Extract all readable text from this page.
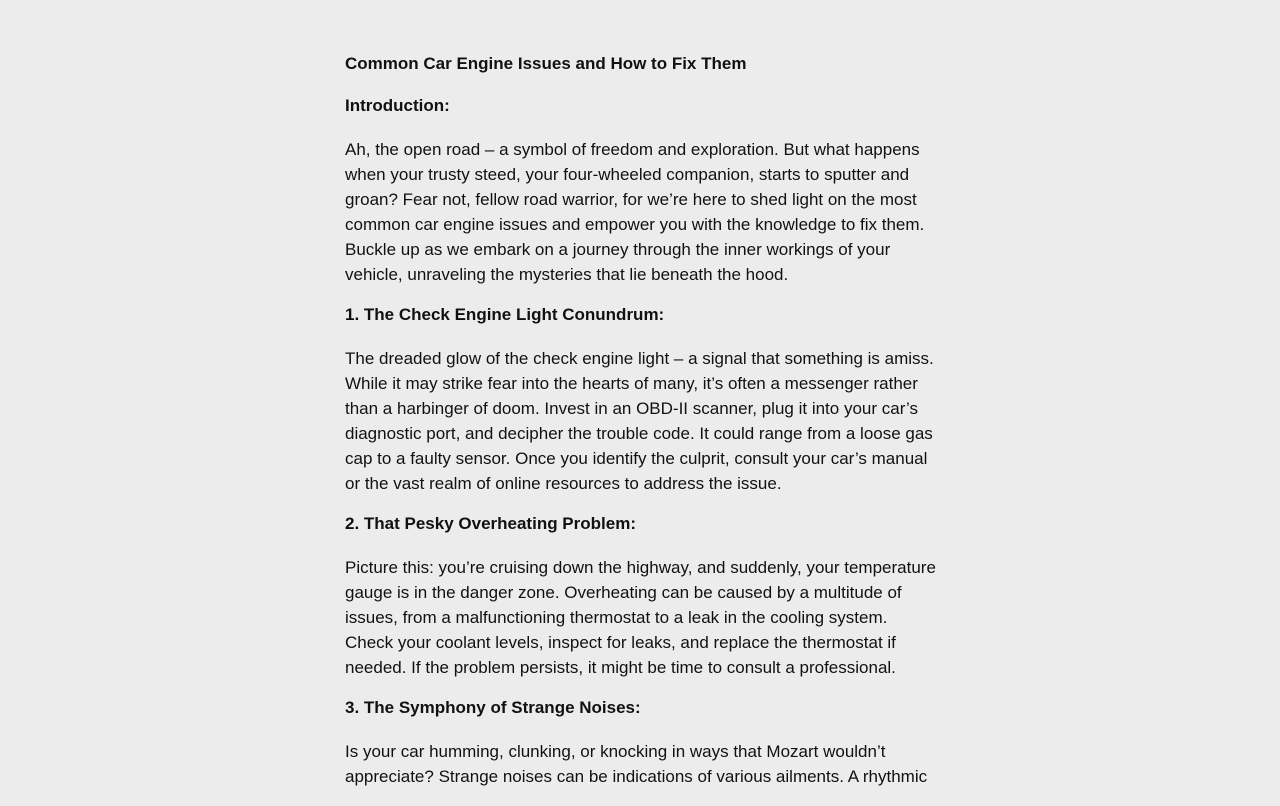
Common Car Engine Issues and How to Fix Them
Introduction:

Ah, the open road – a symbol of freedom and exploration. But what happens when your trusty steed, your four-wheeled companion, starts to sputter and groan? Fear not, fellow road warrior, for we’re here to shed light on the most common car engine issues and empower you with the knowledge to fix them. Buckle up as we embark on a journey through the inner workings of your vehicle, unraveling the mysteries that lie beneath the hood.

1. The Check Engine Light Conundrum:

The dreaded glow of the check engine light – a signal that something is amiss. While it may strike fear into the hearts of many, it’s often a messenger rather than a harbinger of doom. Invest in an OBD-II scanner, plug it into your car’s diagnostic port, and decipher the trouble code. It could range from a loose gas cap to a faulty sensor. Once you identify the culprit, consult your car’s manual or the vast realm of online resources to address the issue.

2. That Pesky Overheating Problem:

Picture this: you’re cruising down the highway, and suddenly, your temperature gauge is in the danger zone. Overheating can be caused by a multitude of issues, from a malfunctioning thermostat to a leak in the cooling system. Check your coolant levels, inspect for leaks, and replace the thermostat if needed. If the problem persists, it might be time to consult a professional.

3. The Symphony of Strange Noises:

Is your car humming, clunking, or knocking in ways that Mozart wouldn’t appreciate? Strange noises can be indications of various ailments. A rhythmic
